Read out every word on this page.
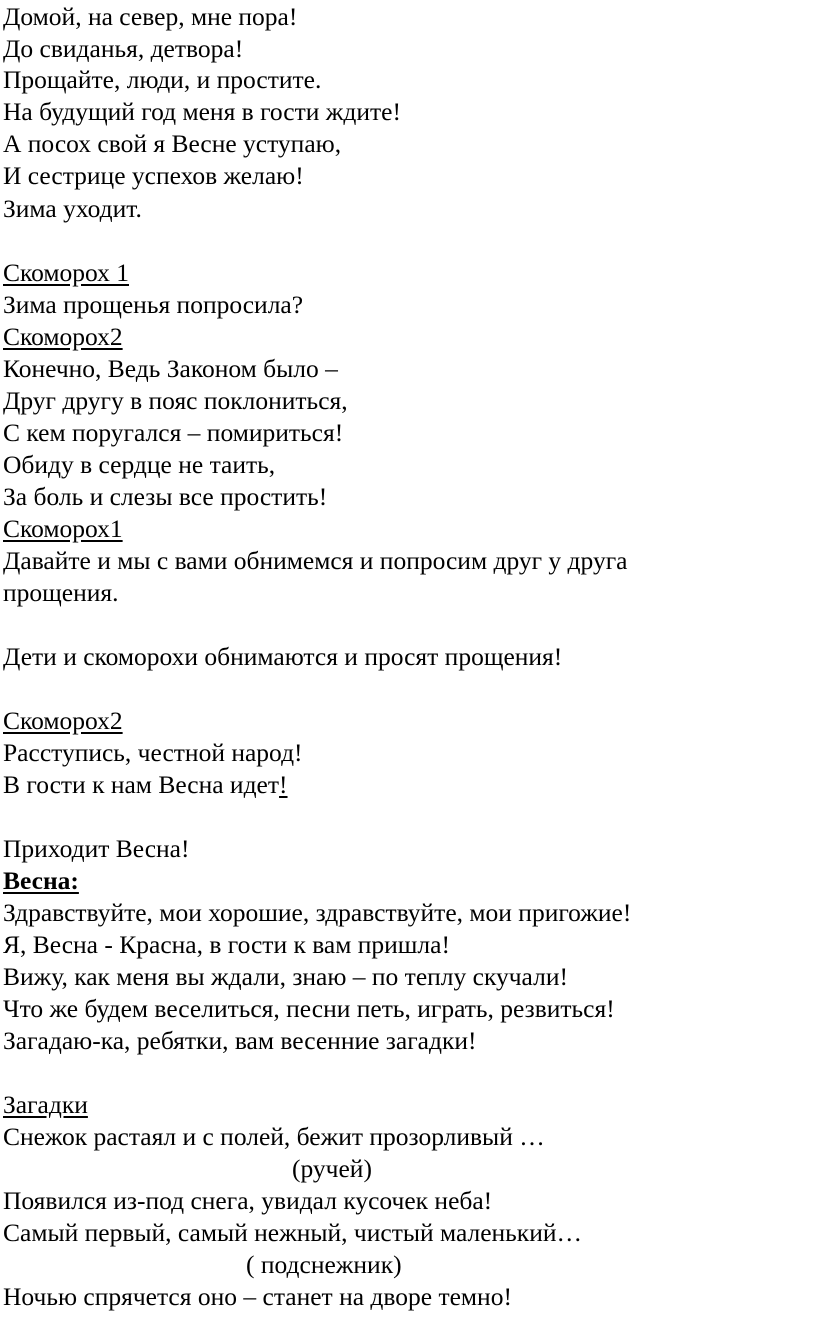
Домой, на север, мне пора!
До свиданья, детвора!
Прощайте, люди, и простите.
На будущий год меня в гости ждите!
А посох свой я Весне уступаю,
И сестрице успехов желаю!
Зима уходит.
Скоморох 1
Зима прощенья попросила?
Скоморох2
Конечно, Ведь Законом было –
Друг другу в пояс поклониться,
С кем поругался – помириться!
Обиду в сердце не таить,
За боль и слезы все простить!
Скоморох1
Давайте и мы с вами обнимемся и попросим друг у друга
прощения.
Дети и скоморохи обнимаются и просят прощения!
Скоморох2
Расступись, честной народ!
В гости к нам Весна идет!
Приходит Весна!
Весна:
Здравствуйте, мои хорошие, здравствуйте, мои пригожие!
Я, Весна - Красна, в гости к вам пришла!
Вижу, как меня вы ждали, знаю – по теплу скучали!
Что же будем веселиться, песни петь, играть, резвиться!
Загадаю-ка, ребятки, вам весенние загадки!
Загадки
Снежок растаял и с полей, бежит прозорливый …
(ручей)
Появился из-под снега, увидал кусочек неба!
Самый первый, самый нежный, чистый маленький…
( подснежник)
Ночью спрячется оно – станет на дворе темно!
